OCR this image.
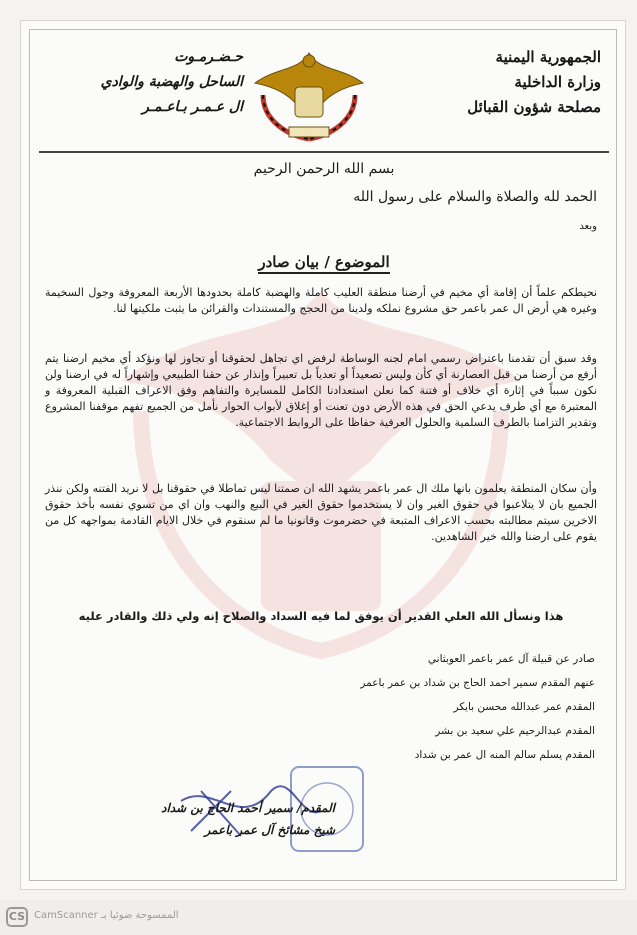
الجمهورية اليمنية
وزارة الداخلية
مصلحة شؤون القبائل
حـضـرمـوت
الساحل والهضبة والوادي
ال عـمـر بـاعـمـر
بسم الله الرحمن الرحيم
الحمد لله والصلاة والسلام على رسول الله
وبعد
الموضوع / بيان صادر

نحيطكم علماً أن إقامة أي مخيم في أرضنا منطقة العليب كاملة والهضبة كاملة بحدودها الأربعة المعروفة وجول السخيمة وغيره هي أرض ال عمر باعمر حق مشروع نملكه ولدينا من الحجج والمستندات والقرائن ما يثبت ملكيتها لنا.

وقد سبق أن تقدمنا باعتراض رسمي امام لجنه الوساطة لرفض اي تجاهل لحقوقنا أو تجاوز لها ونؤكد أي مخيم ارضنا يتم أرفع من أرضنا من قبل العصارنة أي كأن وليس تصعيداً أو تعدياً بل تعبيراً وإنذار عن حقنا الطبيعي وإشهاراً له في ارضنا ولن نكون سبباً في إثارة أي خلاف أو فتنة كما نعلن استعدادنا الكامل للمسايرة والتفاهم وفق الاعراف القبلية المعروفة و المعتبرة مع أي طرف يدعي الحق في هذه الأرض دون تعنت أو إغلاق لأبواب الحوار نأمل من الجميع تفهم موقفنا المشروع وتقدير التزامنا بالطرف السلمية والحلول العرفية حفاظا على الروابط الاجتماعية.

وأن سكان المنطقة يعلمون بانها ملك ال عمر باعمر يشهد الله ان صمتنا ليس تماطلا في حقوقنا بل لا نريد الفتنه ولكن ننذر الجميع بان لا يتلاعبوا في حقوق الغير وان لا يستخدموا حقوق الغير في البيع والنهب وان اي من تسوي نفسه بأخذ حقوق الاخرين سيتم مطالبته بحسب الاعراف المتبعة في حضرموت وقانونيا ما لم سنقوم في خلال الايام القادمة بمواجهه كل من يقوم على ارضنا والله خير الشاهدين.

هذا ونسأل الله العلي القدير أن يوفق لما فيه السداد والصلاح إنه ولي ذلك والقادر عليه
صادر عن قبيلة آل عمر باعمر العوبثاني
عنهم المقدم سمير احمد الحاج بن شداد بن عمر باعمر
المقدم عمر عبدالله محسن بايكر
المقدم عبدالرحيم علي سعيد بن بشر
المقدم يسلم سالم المنه ال عمر بن شداد
المقدم/ سمير أحمد الحاج بن شداد
شيخ مشائخ آل عمر باعمر
CS CamScanner الممسوحة ضوئيا بـ
